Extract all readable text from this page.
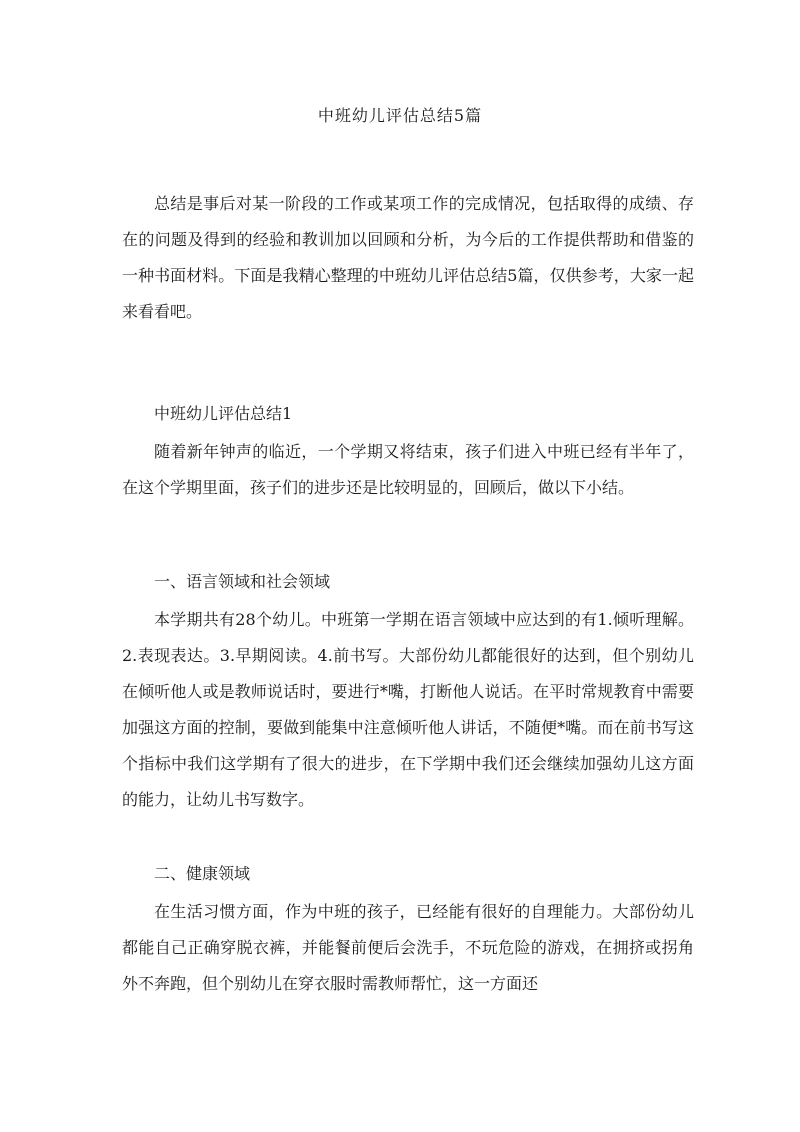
中班幼儿评估总结5篇

总结是事后对某一阶段的工作或某项工作的完成情况，包括取得的成绩、存在的问题及得到的经验和教训加以回顾和分析，为今后的工作提供帮助和借鉴的一种书面材料。下面是我精心整理的中班幼儿评估总结5篇，仅供参考，大家一起来看看吧。

中班幼儿评估总结1

随着新年钟声的临近，一个学期又将结束，孩子们进入中班已经有半年了，在这个学期里面，孩子们的进步还是比较明显的，回顾后，做以下小结。

一、语言领域和社会领域

本学期共有28个幼儿。中班第一学期在语言领域中应达到的有1.倾听理解。2.表现表达。3.早期阅读。4.前书写。大部份幼儿都能很好的达到，但个别幼儿在倾听他人或是教师说话时，要进行*嘴，打断他人说话。在平时常规教育中需要加强这方面的控制，要做到能集中注意倾听他人讲话，不随便*嘴。而在前书写这个指标中我们这学期有了很大的进步，在下学期中我们还会继续加强幼儿这方面的能力，让幼儿书写数字。

二、健康领域

在生活习惯方面，作为中班的孩子，已经能有很好的自理能力。大部份幼儿都能自己正确穿脱衣裤，并能餐前便后会洗手，不玩危险的游戏，在拥挤或拐角外不奔跑，但个别幼儿在穿衣服时需教师帮忙，这一方面还
